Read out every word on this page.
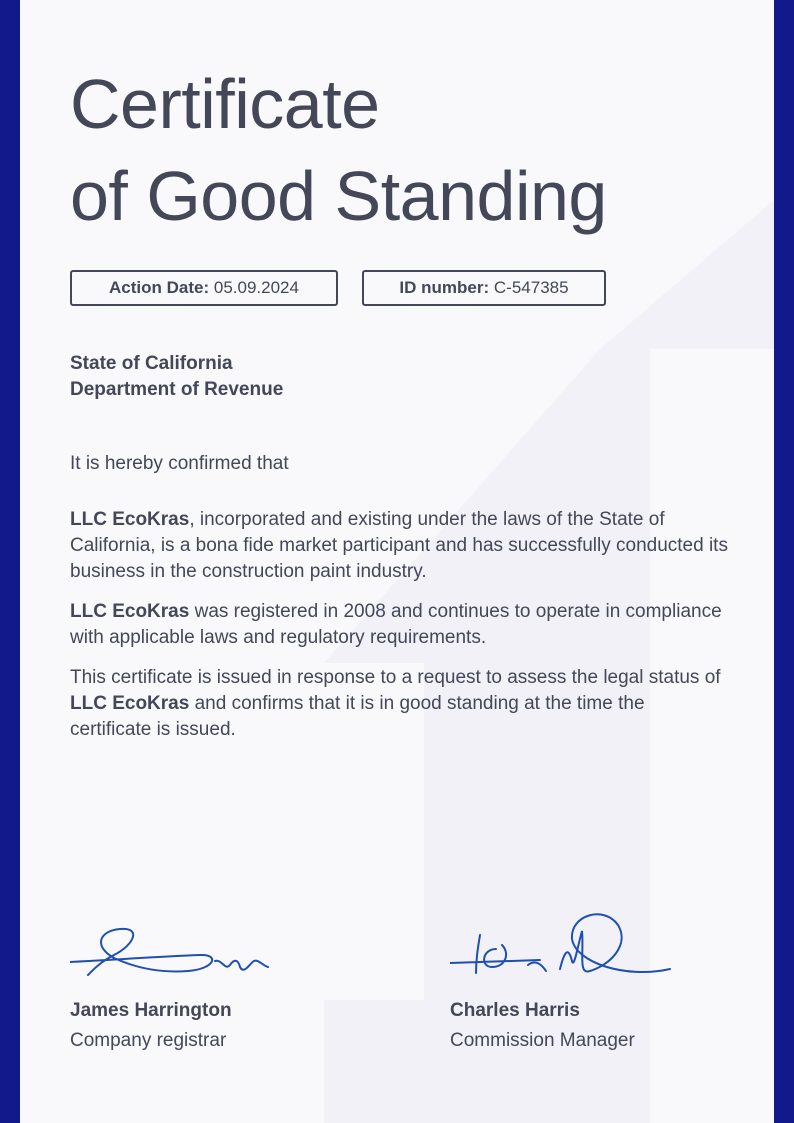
Certificate
of Good Standing
Action Date: 05.09.2024	ID number: C-547385
State of California
Department of Revenue

It is hereby confirmed that

LLC EcoKras, incorporated and existing under the laws of the State of California, is a bona fide market participant and has successfully conducted its business in the construction paint industry.

LLC EcoKras was registered in 2008 and continues to operate in compliance with applicable laws and regulatory requirements.

This certificate is issued in response to a request to assess the legal status of LLC EcoKras and confirms that it is in good standing at the time the certificate is issued.

James Harrington
Company registrar
Charles Harris
Commission Manager
